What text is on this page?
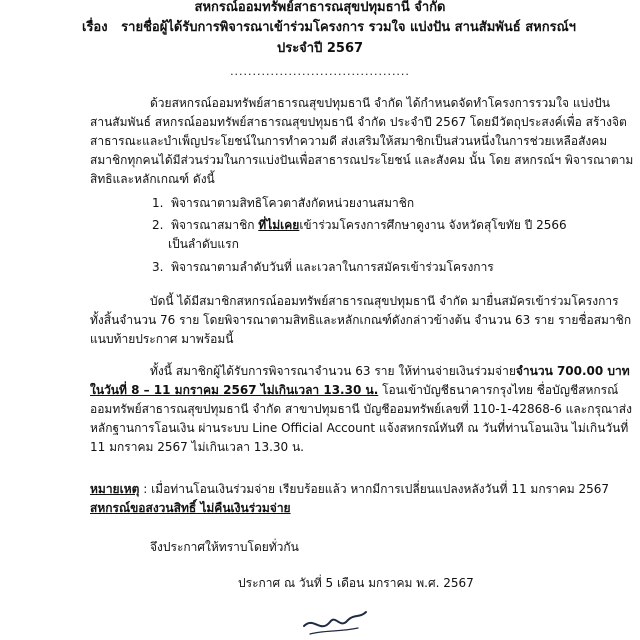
สหกรณ์ออมทรัพย์สาธารณสุขปทุมธานี จำกัด
เรื่อง รายชื่อผู้ได้รับการพิจารณาเข้าร่วมโครงการ รวมใจ แบ่งปัน สานสัมพันธ์ สหกรณ์ฯ
ประจำปี 2567
........................................
ด้วยสหกรณ์ออมทรัพย์สาธารณสุขปทุมธานี จำกัด ได้กำหนดจัดทำโครงการรวมใจ แบ่งปัน
สานสัมพันธ์ สหกรณ์ออมทรัพย์สาธารณสุขปทุมธานี จำกัด ประจำปี 2567 โดยมีวัตถุประสงค์เพื่อ สร้างจิต
สาธารณะและบำเพ็ญประโยชน์ในการทำความดี ส่งเสริมให้สมาชิกเป็นส่วนหนึ่งในการช่วยเหลือสังคม
สมาชิกทุกคนได้มีส่วนร่วมในการแบ่งปันเพื่อสาธารณประโยชน์ และสังคม นั้น โดย สหกรณ์ฯ พิจารณาตาม
สิทธิและหลักเกณฑ์ ดังนี้
1. พิจารณาตามสิทธิโควตาสังกัดหน่วยงานสมาชิก
2. พิจารณาสมาชิก ที่ไม่เคยเข้าร่วมโครงการศึกษาดูงาน จังหวัดสุโขทัย ปี 2566
เป็นลำดับแรก
3. พิจารณาตามลำดับวันที่ และเวลาในการสมัครเข้าร่วมโครงการ
บัดนี้ ได้มีสมาชิกสหกรณ์ออมทรัพย์สาธารณสุขปทุมธานี จำกัด มายื่นสมัครเข้าร่วมโครงการ
ทั้งสิ้นจำนวน 76 ราย โดยพิจารณาตามสิทธิและหลักเกณฑ์ดังกล่าวข้างต้น จำนวน 63 ราย รายชื่อสมาชิก
แนบท้ายประกาศ มาพร้อมนี้
ทั้งนี้ สมาชิกผู้ได้รับการพิจารณาจำนวน 63 ราย ให้ท่านจ่ายเงินร่วมจ่ายจำนวน 700.00 บาท
ในวันที่ 8 – 11 มกราคม 2567 ไม่เกินเวลา 13.30 น. โอนเข้าบัญชีธนาคารกรุงไทย ชื่อบัญชีสหกรณ์
ออมทรัพย์สาธารณสุขปทุมธานี จำกัด สาขาปทุมธานี บัญชีออมทรัพย์เลขที่ 110-1-42868-6 และกรุณาส่ง
หลักฐานการโอนเงิน ผ่านระบบ Line Official Account แจ้งสหกรณ์ทันที ณ วันที่ท่านโอนเงิน ไม่เกินวันที่
11 มกราคม 2567 ไม่เกินเวลา 13.30 น.
หมายเหตุ : เมื่อท่านโอนเงินร่วมจ่าย เรียบร้อยแล้ว หากมีการเปลี่ยนแปลงหลังวันที่ 11 มกราคม 2567
สหกรณ์ขอสงวนสิทธิ์ ไม่คืนเงินร่วมจ่าย
จึงประกาศให้ทราบโดยทั่วกัน
ประกาศ ณ วันที่ 5 เดือน มกราคม พ.ศ. 2567
